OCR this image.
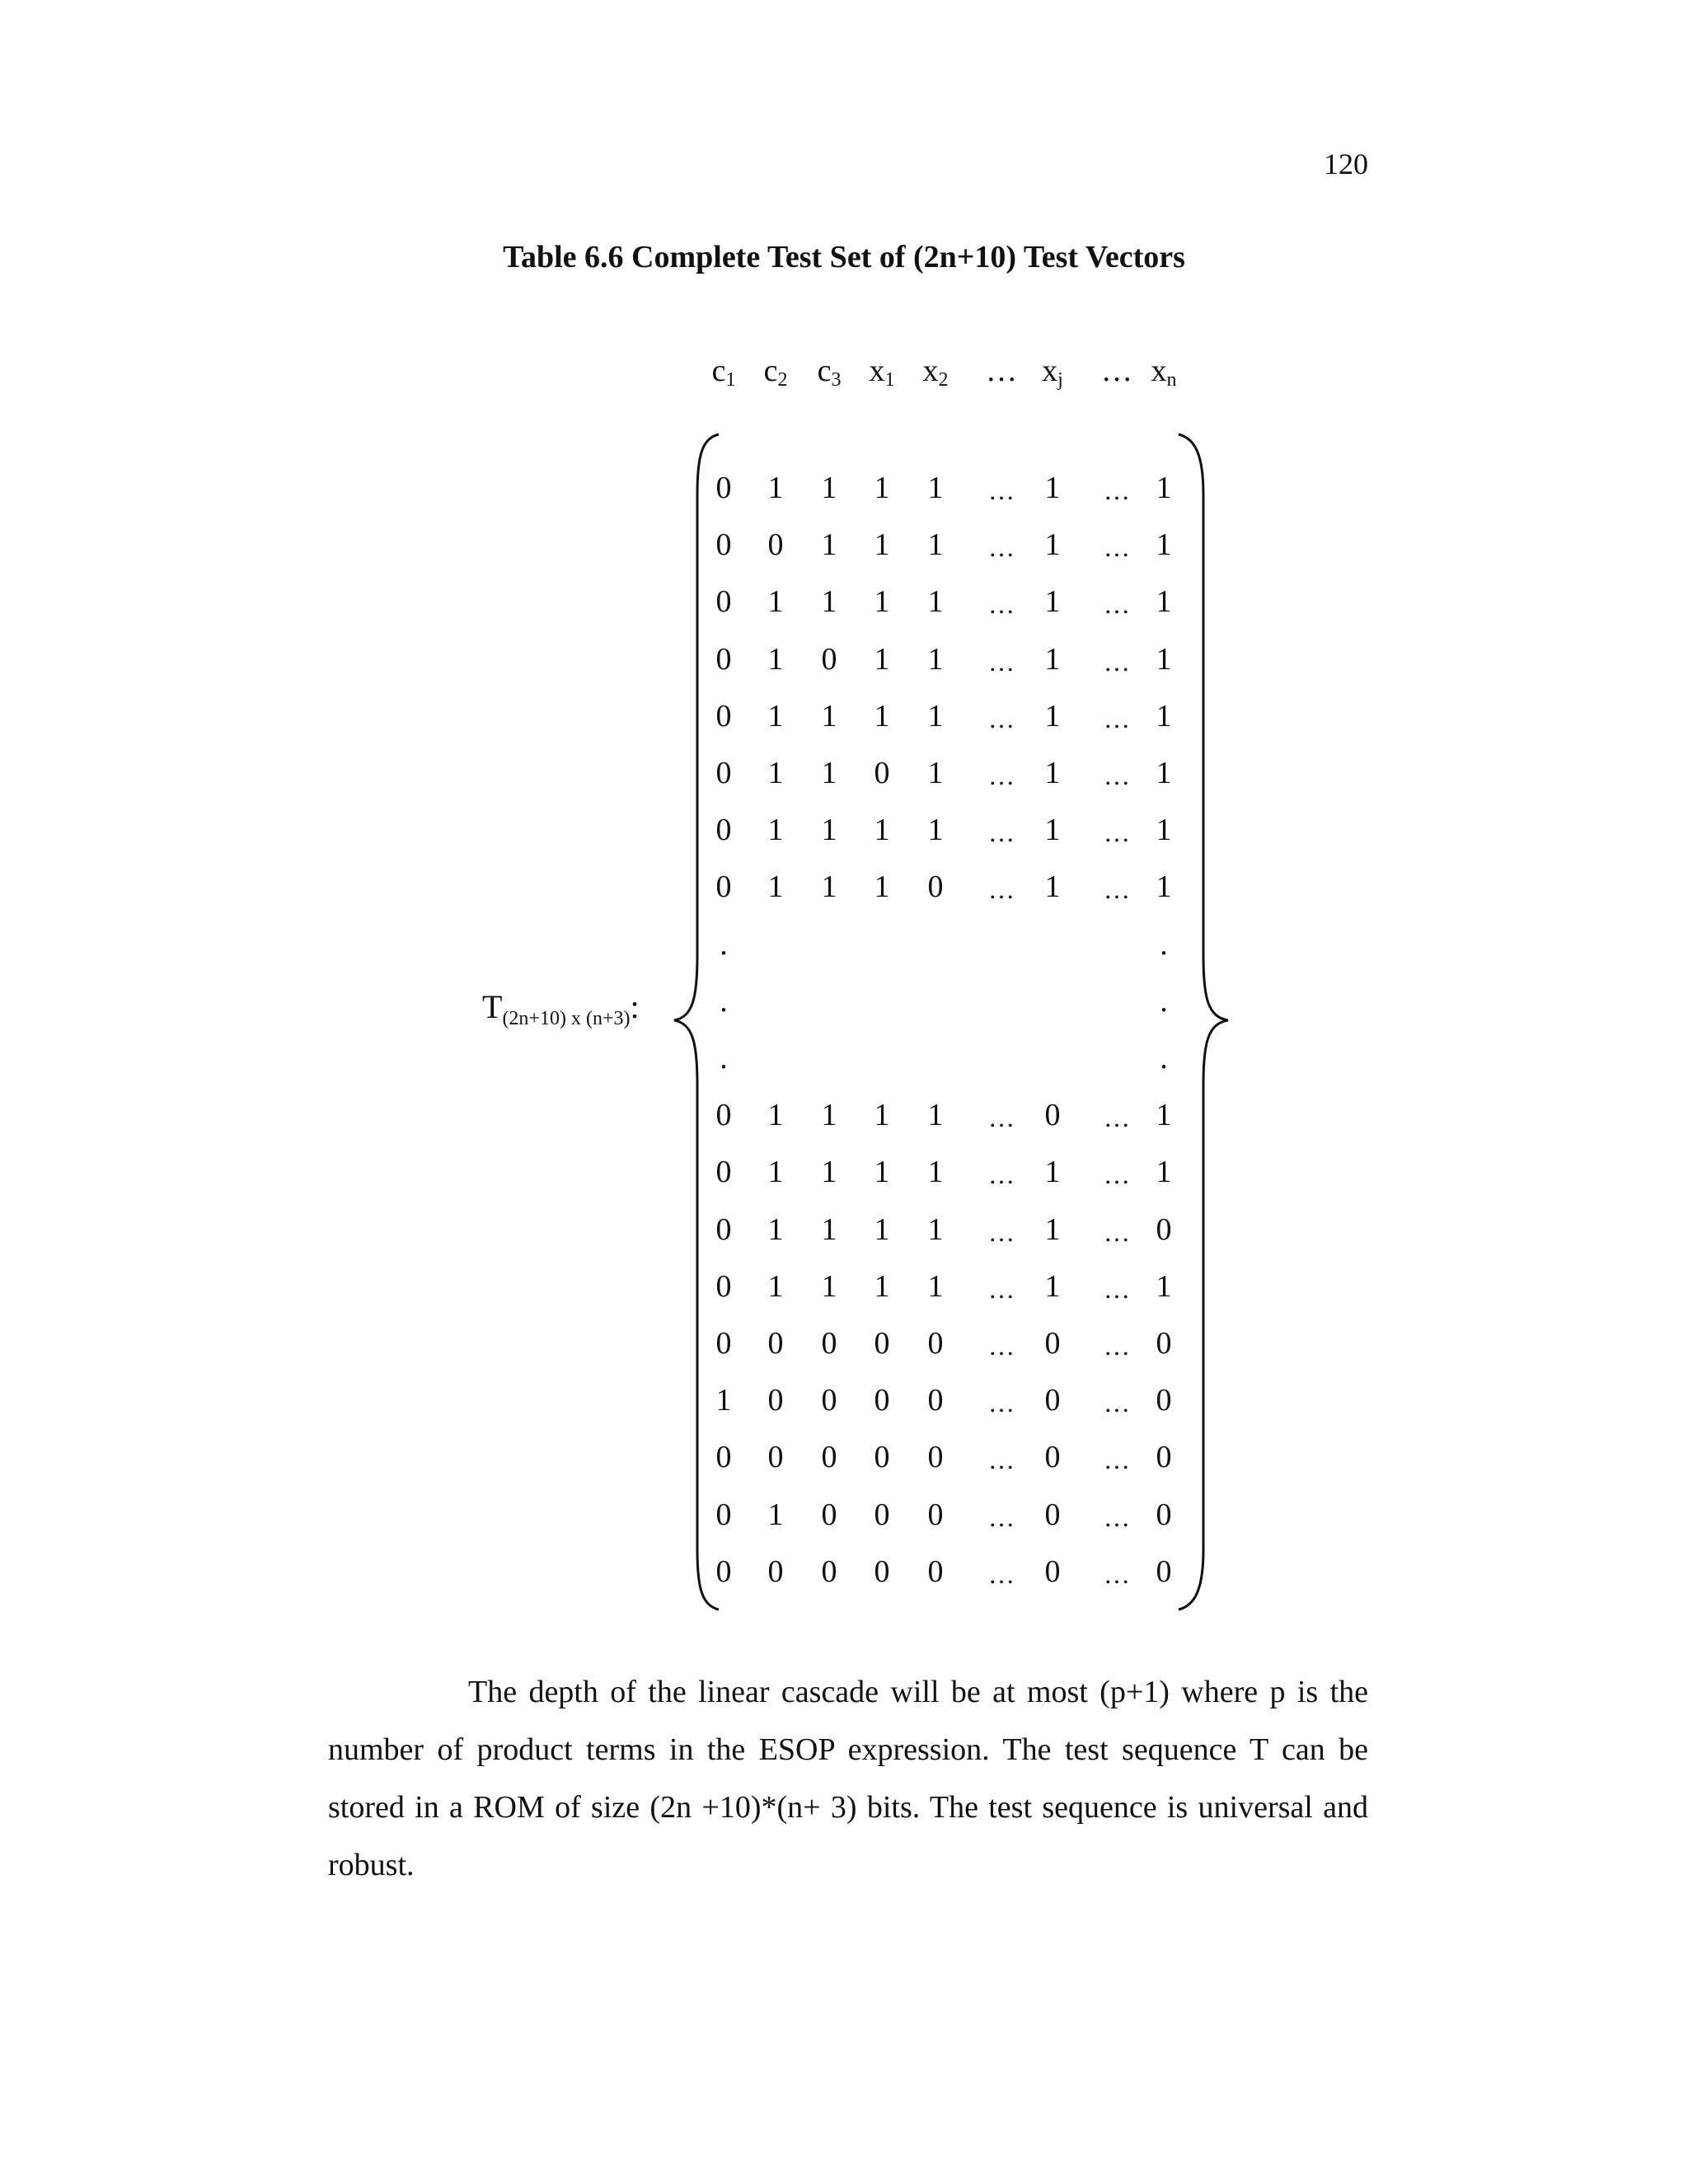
120
Table 6.6 Complete Test Set of (2n+10) Test Vectors
$c_1$ $c_2$ $c_3$ $x_1$ $x_2$ … $x_j$ … $x_n$
$T_{(2n+10) x (n+3)}$:
0 1 1 1 1 … 1 … 1
0 0 1 1 1 … 1 … 1
0 1 1 1 1 … 1 … 1
0 1 0 1 1 … 1 … 1
0 1 1 1 1 … 1 … 1
0 1 1 0 1 … 1 … 1
0 1 1 1 1 … 1 … 1
0 1 1 1 0 … 1 … 1
.	.
.	.
.	.
0 1 1 1 1 … 0 … 1
0 1 1 1 1 … 1 … 1
0 1 1 1 1 … 1 … 0
0 1 1 1 1 … 1 … 1
0 0 0 0 0 … 0 … 0
1 0 0 0 0 … 0 … 0
0 0 0 0 0 … 0 … 0
0 1 0 0 0 … 0 … 0
0 0 0 0 0 … 0 … 0

The depth of the linear cascade will be at most (p+1) where p is the number of product terms in the ESOP expression. The test sequence T can be stored in a ROM of size (2n +10)*(n+ 3) bits. The test sequence is universal and robust.
